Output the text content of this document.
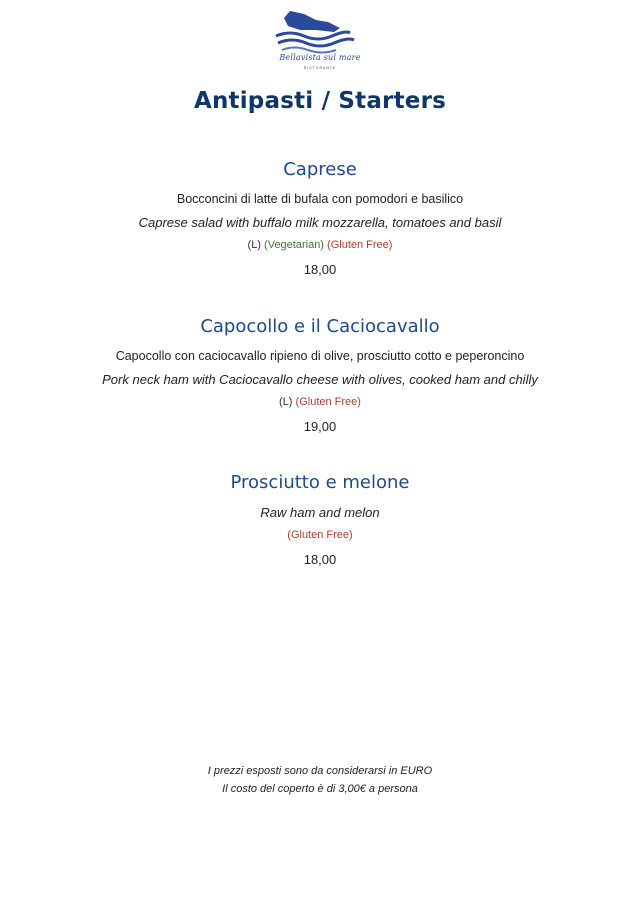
Bellavista sul mare
RISTORANTE
Antipasti / Starters
Caprese
Bocconcini di latte di bufala con pomodori e basilico
Caprese salad with buffalo milk mozzarella, tomatoes and basil
(L) (Vegetarian) (Gluten Free)
18,00
Capocollo e il Caciocavallo
Capocollo con caciocavallo ripieno di olive, prosciutto cotto e peperoncino
Pork neck ham with Caciocavallo cheese with olives, cooked ham and chilly
(L) (Gluten Free)
19,00
Prosciutto e melone
Raw ham and melon
(Gluten Free)
18,00
I prezzi esposti sono da considerarsi in EURO
Il costo del coperto è di 3,00€ a persona
